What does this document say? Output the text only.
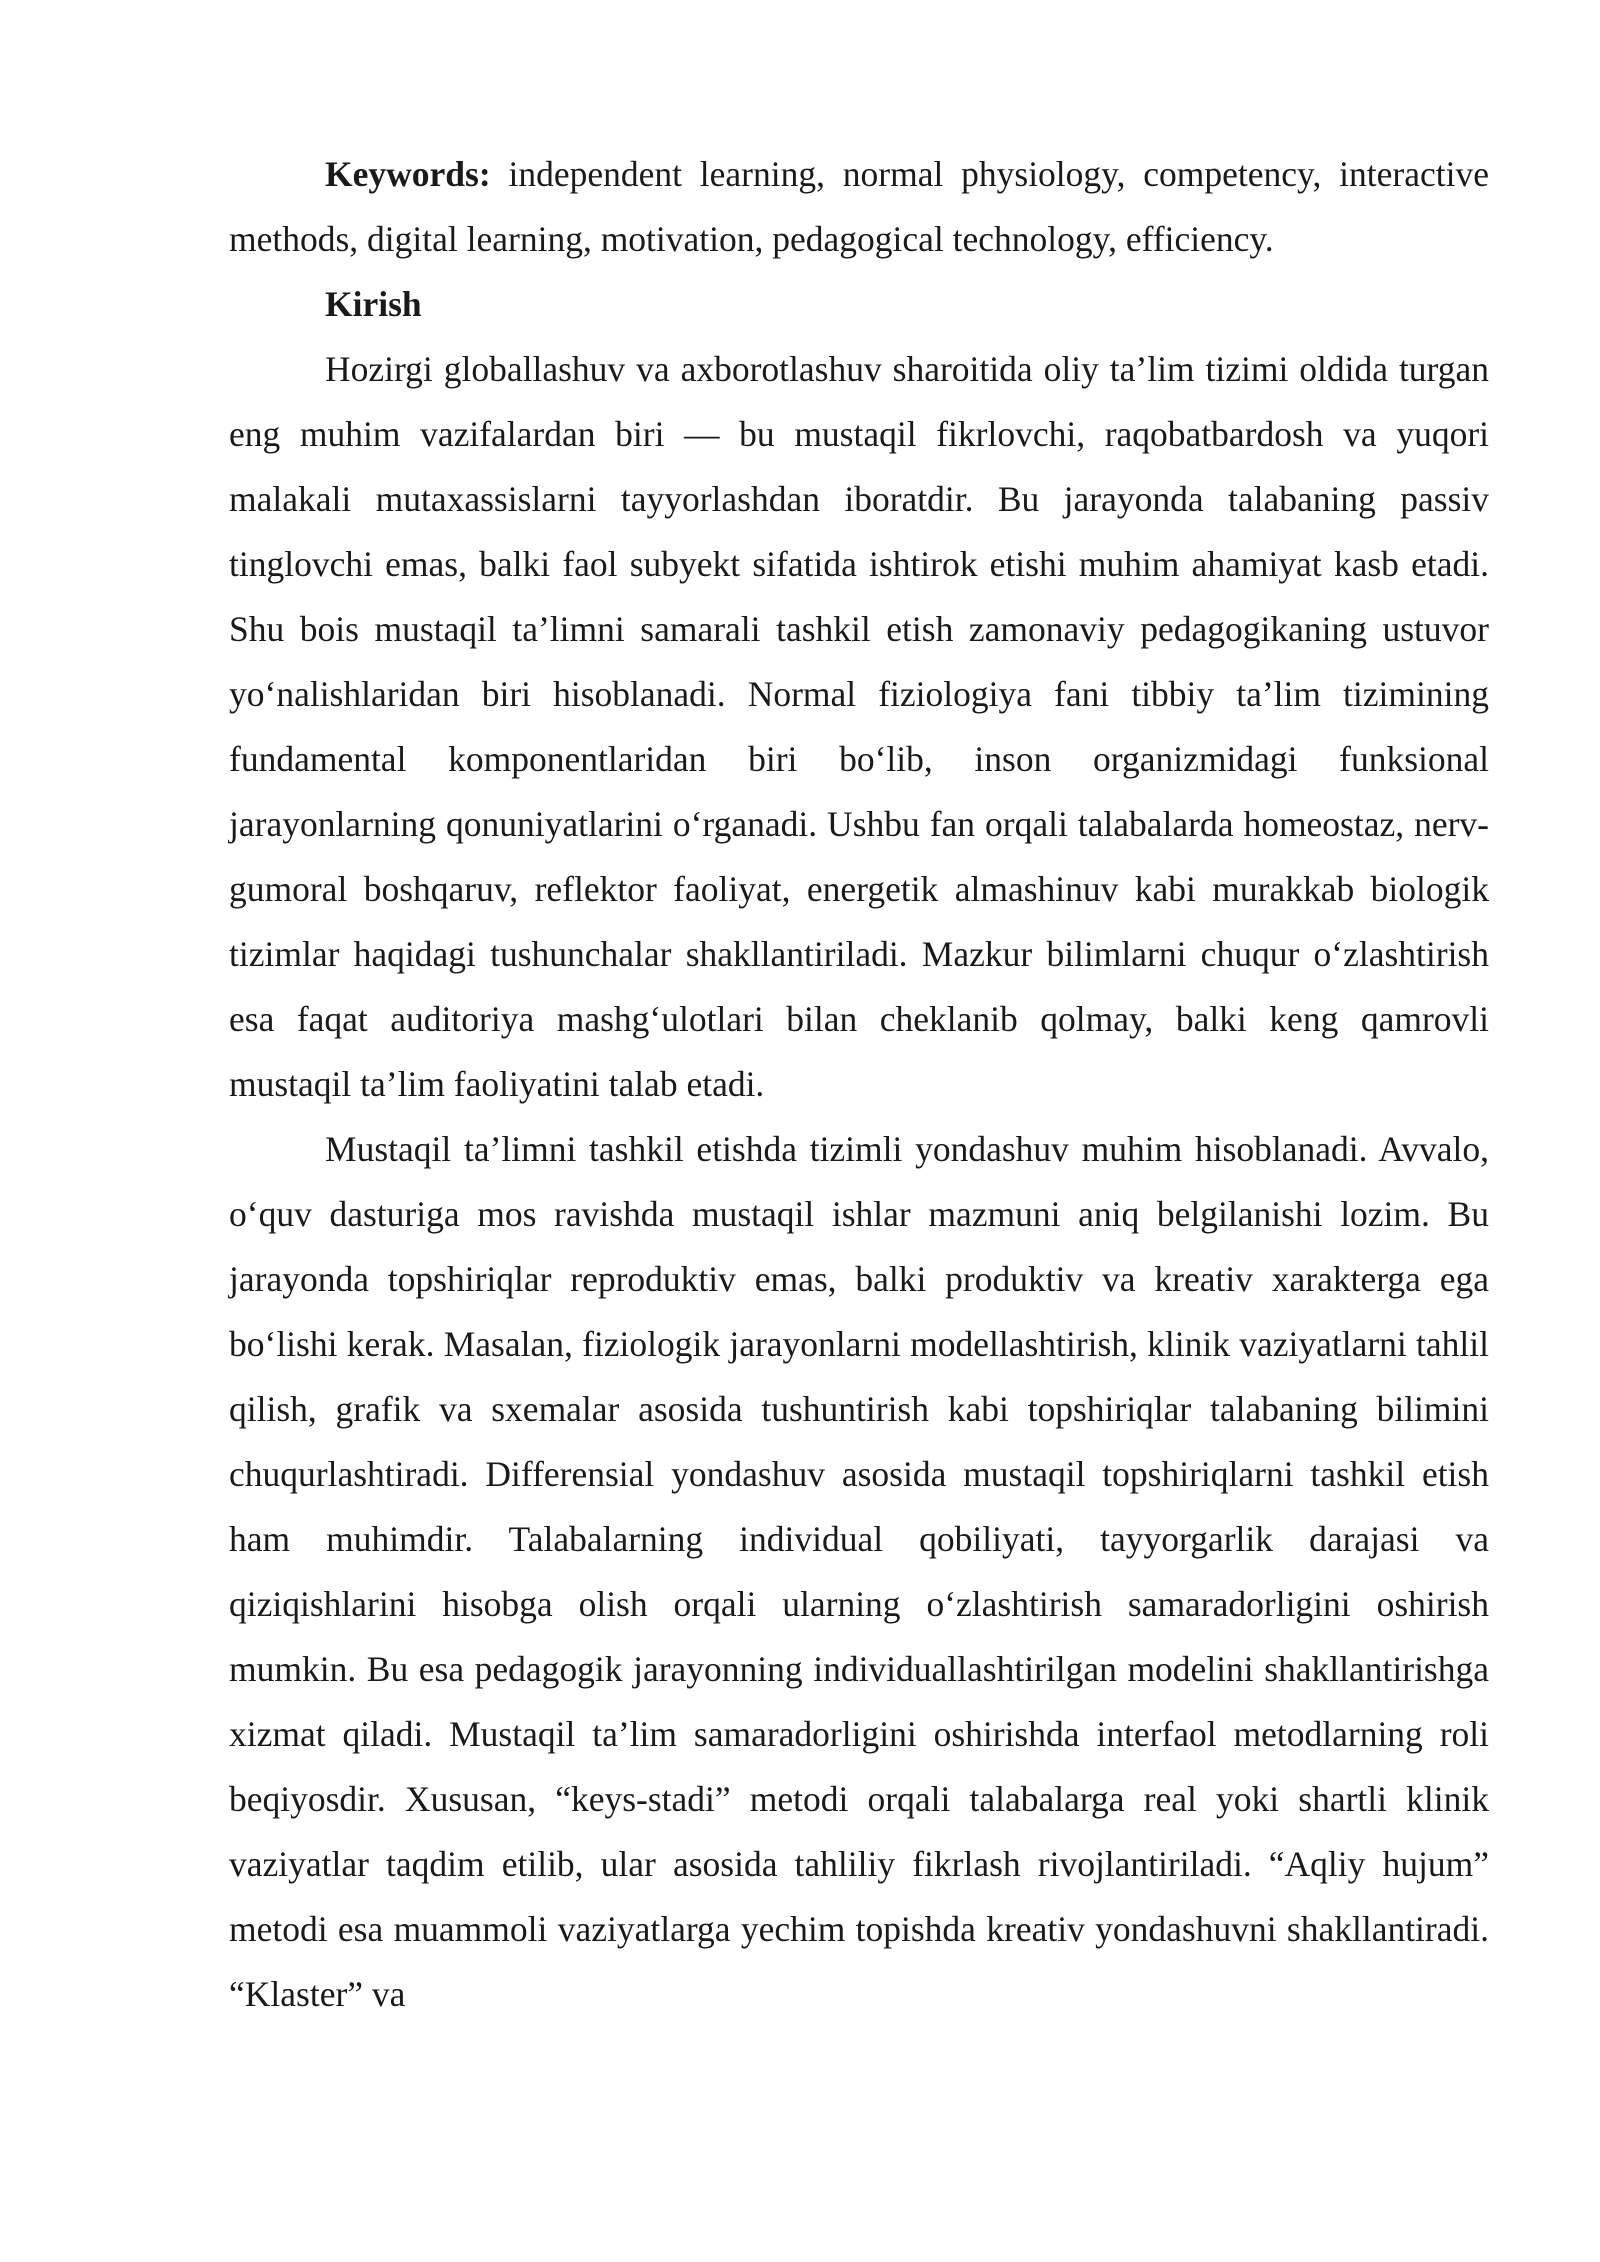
Keywords: independent learning, normal physiology, competency, interactive methods, digital learning, motivation, pedagogical technology, efficiency.

Kirish

Hozirgi globallashuv va axborotlashuv sharoitida oliy ta’lim tizimi oldida turgan eng muhim vazifalardan biri — bu mustaqil fikrlovchi, raqobatbardosh va yuqori malakali mutaxassislarni tayyorlashdan iboratdir. Bu jarayonda talabaning passiv tinglovchi emas, balki faol subyekt sifatida ishtirok etishi muhim ahamiyat kasb etadi. Shu bois mustaqil ta’limni samarali tashkil etish zamonaviy pedagogikaning ustuvor yo‘nalishlaridan biri hisoblanadi. Normal fiziologiya fani tibbiy ta’lim tizimining fundamental komponentlaridan biri bo‘lib, inson organizmidagi funksional jarayonlarning qonuniyatlarini o‘rganadi. Ushbu fan orqali talabalarda homeostaz, nerv-gumoral boshqaruv, reflektor faoliyat, energetik almashinuv kabi murakkab biologik tizimlar haqidagi tushunchalar shakllantiriladi. Mazkur bilimlarni chuqur o‘zlashtirish esa faqat auditoriya mashg‘ulotlari bilan cheklanib qolmay, balki keng qamrovli mustaqil ta’lim faoliyatini talab etadi.

Mustaqil ta’limni tashkil etishda tizimli yondashuv muhim hisoblanadi. Avvalo, o‘quv dasturiga mos ravishda mustaqil ishlar mazmuni aniq belgilanishi lozim. Bu jarayonda topshiriqlar reproduktiv emas, balki produktiv va kreativ xarakterga ega bo‘lishi kerak. Masalan, fiziologik jarayonlarni modellashtirish, klinik vaziyatlarni tahlil qilish, grafik va sxemalar asosida tushuntirish kabi topshiriqlar talabaning bilimini chuqurlashtiradi. Differensial yondashuv asosida mustaqil topshiriqlarni tashkil etish ham muhimdir. Talabalarning individual qobiliyati, tayyorgarlik darajasi va qiziqishlarini hisobga olish orqali ularning o‘zlashtirish samaradorligini oshirish mumkin. Bu esa pedagogik jarayonning individuallashtirilgan modelini shakllantirishga xizmat qiladi. Mustaqil ta’lim samaradorligini oshirishda interfaol metodlarning roli beqiyosdir. Xususan, “keys-stadi” metodi orqali talabalarga real yoki shartli klinik vaziyatlar taqdim etilib, ular asosida tahliliy fikrlash rivojlantiriladi. “Aqliy hujum” metodi esa muammoli vaziyatlarga yechim topishda kreativ yondashuvni shakllantiradi. “Klaster” va
